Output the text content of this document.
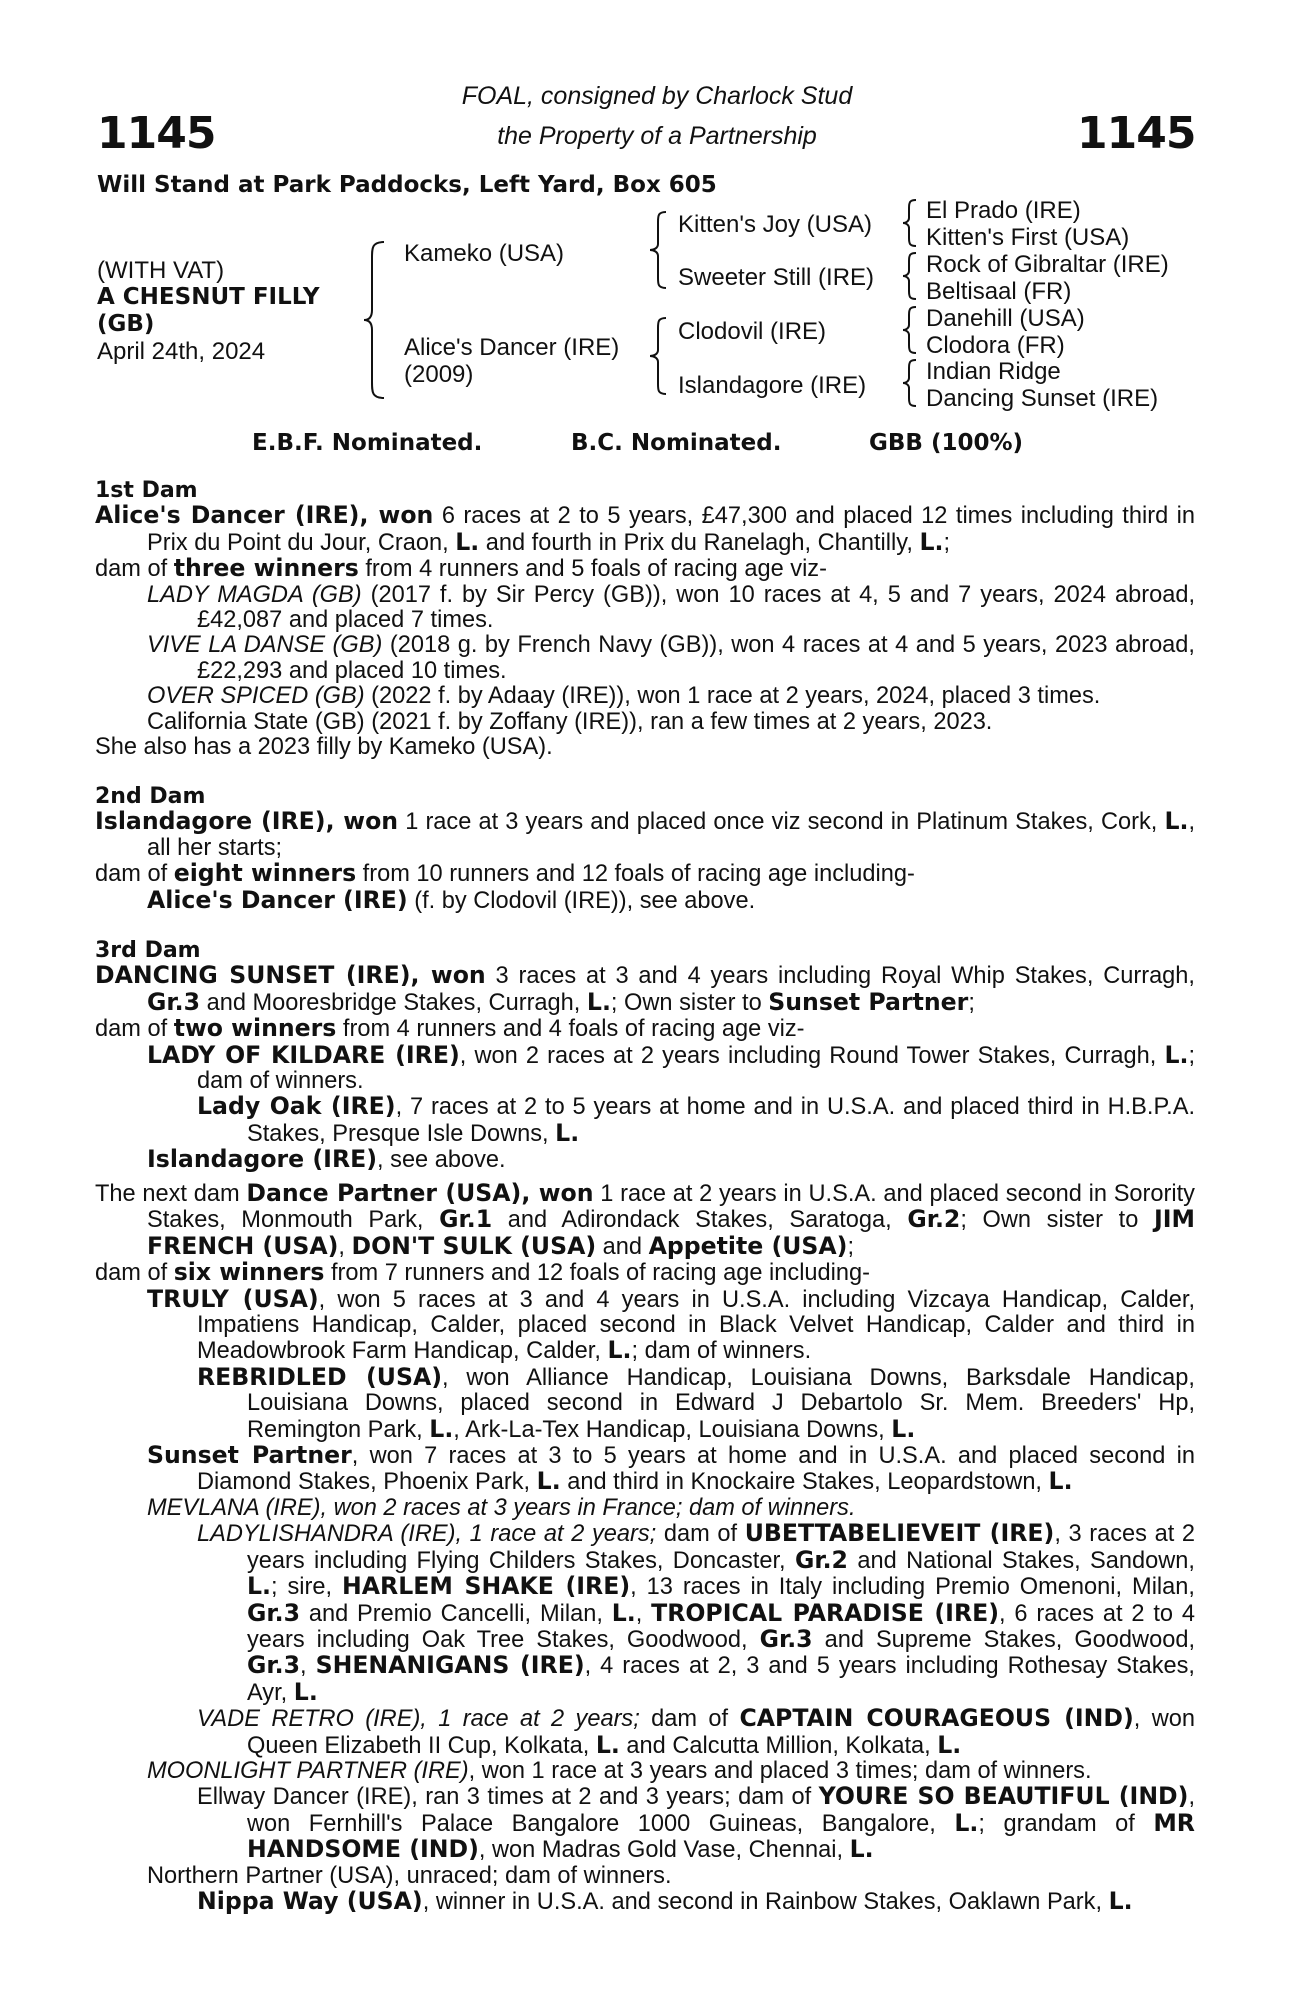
1145	1145
FOAL, consigned by Charlock Stud
the Property of a Partnership
Will Stand at Park Paddocks, Left Yard, Box 605
(WITH VAT)
A CHESNUT FILLY
(GB)
April 24th, 2024
Kameko (USA)
Alice's Dancer (IRE)
(2009)
Kitten's Joy (USA)
Sweeter Still (IRE)
Clodovil (IRE)
Islandagore (IRE)
El Prado (IRE)
Kitten's First (USA)
Rock of Gibraltar (IRE)
Beltisaal (FR)
Danehill (USA)
Clodora (FR)
Indian Ridge
Dancing Sunset (IRE)
E.B.F. Nominated.	B.C. Nominated.	GBB (100%)

1st Dam

Alice's Dancer (IRE), won 6 races at 2 to 5 years, £47,300 and placed 12 times including third in Prix du Point du Jour, Craon, L. and fourth in Prix du Ranelagh, Chantilly, L.;

dam of three winners from 4 runners and 5 foals of racing age viz-

LADY MAGDA (GB) (2017 f. by Sir Percy (GB)), won 10 races at 4, 5 and 7 years, 2024 abroad, £42,087 and placed 7 times.

VIVE LA DANSE (GB) (2018 g. by French Navy (GB)), won 4 races at 4 and 5 years, 2023 abroad, £22,293 and placed 10 times.

OVER SPICED (GB) (2022 f. by Adaay (IRE)), won 1 race at 2 years, 2024, placed 3 times.

California State (GB) (2021 f. by Zoffany (IRE)), ran a few times at 2 years, 2023.

She also has a 2023 filly by Kameko (USA).

2nd Dam

Islandagore (IRE), won 1 race at 3 years and placed once viz second in Platinum Stakes, Cork, L., all her starts;

dam of eight winners from 10 runners and 12 foals of racing age including-

Alice's Dancer (IRE) (f. by Clodovil (IRE)), see above.

3rd Dam

DANCING SUNSET (IRE), won 3 races at 3 and 4 years including Royal Whip Stakes, Curragh, Gr.3 and Mooresbridge Stakes, Curragh, L.; Own sister to Sunset Partner;

dam of two winners from 4 runners and 4 foals of racing age viz-

LADY OF KILDARE (IRE), won 2 races at 2 years including Round Tower Stakes, Curragh, L.; dam of winners.

Lady Oak (IRE), 7 races at 2 to 5 years at home and in U.S.A. and placed third in H.B.P.A. Stakes, Presque Isle Downs, L.

Islandagore (IRE), see above.

The next dam Dance Partner (USA), won 1 race at 2 years in U.S.A. and placed second in Sorority Stakes, Monmouth Park, Gr.1 and Adirondack Stakes, Saratoga, Gr.2; Own sister to JIM FRENCH (USA), DON'T SULK (USA) and Appetite (USA);

dam of six winners from 7 runners and 12 foals of racing age including-

TRULY (USA), won 5 races at 3 and 4 years in U.S.A. including Vizcaya Handicap, Calder, Impatiens Handicap, Calder, placed second in Black Velvet Handicap, Calder and third in Meadowbrook Farm Handicap, Calder, L.; dam of winners.

REBRIDLED (USA), won Alliance Handicap, Louisiana Downs, Barksdale Handicap, Louisiana Downs, placed second in Edward J Debartolo Sr. Mem. Breeders' Hp, Remington Park, L., Ark-La-Tex Handicap, Louisiana Downs, L.

Sunset Partner, won 7 races at 3 to 5 years at home and in U.S.A. and placed second in Diamond Stakes, Phoenix Park, L. and third in Knockaire Stakes, Leopardstown, L.

MEVLANA (IRE), won 2 races at 3 years in France; dam of winners.

LADYLISHANDRA (IRE), 1 race at 2 years; dam of UBETTABELIEVEIT (IRE), 3 races at 2 years including Flying Childers Stakes, Doncaster, Gr.2 and National Stakes, Sandown, L.; sire, HARLEM SHAKE (IRE), 13 races in Italy including Premio Omenoni, Milan, Gr.3 and Premio Cancelli, Milan, L., TROPICAL PARADISE (IRE), 6 races at 2 to 4 years including Oak Tree Stakes, Goodwood, Gr.3 and Supreme Stakes, Goodwood, Gr.3, SHENANIGANS (IRE), 4 races at 2, 3 and 5 years including Rothesay Stakes, Ayr, L.

VADE RETRO (IRE), 1 race at 2 years; dam of CAPTAIN COURAGEOUS (IND), won Queen Elizabeth II Cup, Kolkata, L. and Calcutta Million, Kolkata, L.

MOONLIGHT PARTNER (IRE), won 1 race at 3 years and placed 3 times; dam of winners.

Ellway Dancer (IRE), ran 3 times at 2 and 3 years; dam of YOURE SO BEAUTIFUL (IND), won Fernhill's Palace Bangalore 1000 Guineas, Bangalore, L.; grandam of MR HANDSOME (IND), won Madras Gold Vase, Chennai, L.

Northern Partner (USA), unraced; dam of winners.

Nippa Way (USA), winner in U.S.A. and second in Rainbow Stakes, Oaklawn Park, L.
